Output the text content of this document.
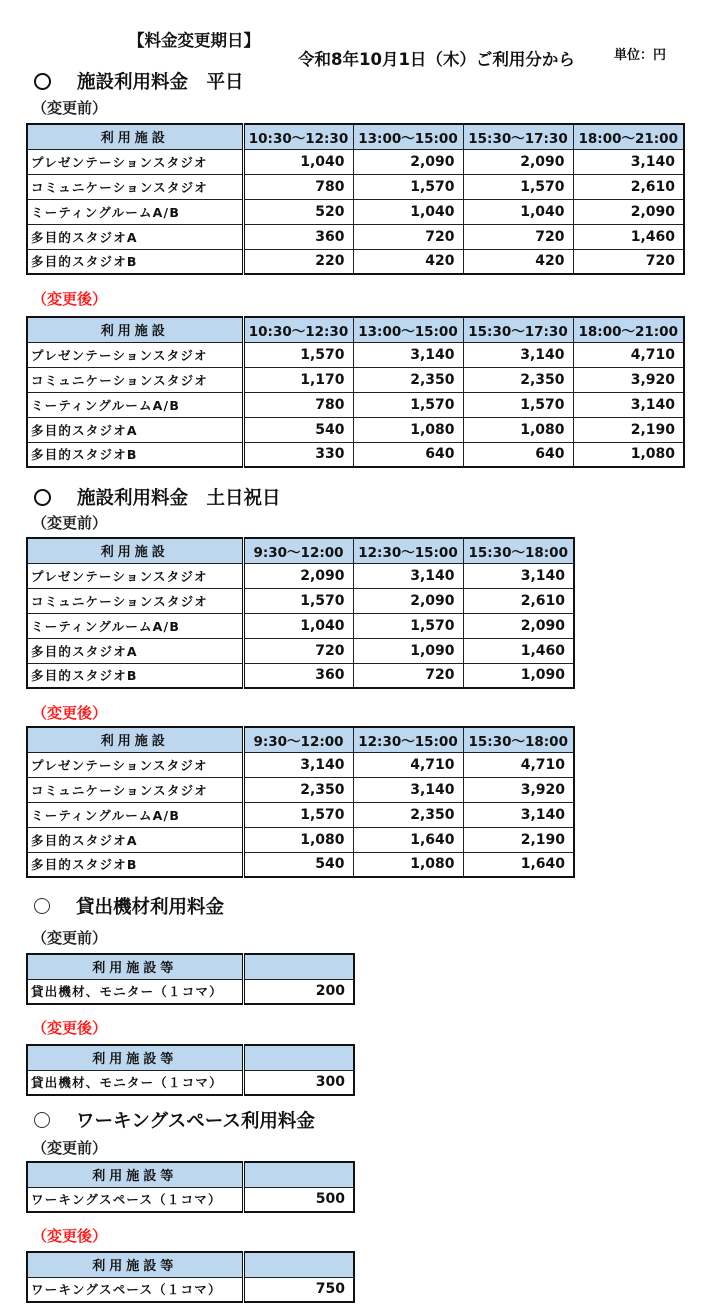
【料金変更期日】

令和8年10月1日（木）ご利用分から	単位：円
施設利用料金　平日
（変更前）
利用施設	10:30～12:30	13:00～15:00	15:30～17:30	18:00～21:00
プレゼンテーションスタジオ	1,040	2,090	2,090	3,140
コミュニケーションスタジオ	780	1,570	1,570	2,610
ミーティングルームA/B	520	1,040	1,040	2,090
多目的スタジオA	360	720	720	1,460
多目的スタジオB	220	420	420	720
（変更後）
利用施設	10:30～12:30	13:00～15:00	15:30～17:30	18:00～21:00
プレゼンテーションスタジオ	1,570	3,140	3,140	4,710
コミュニケーションスタジオ	1,170	2,350	2,350	3,920
ミーティングルームA/B	780	1,570	1,570	3,140
多目的スタジオA	540	1,080	1,080	2,190
多目的スタジオB	330	640	640	1,080
施設利用料金　土日祝日
（変更前）
利用施設	9:30～12:00	12:30～15:00	15:30～18:00
プレゼンテーションスタジオ	2,090	3,140	3,140
コミュニケーションスタジオ	1,570	2,090	2,610
ミーティングルームA/B	1,040	1,570	2,090
多目的スタジオA	720	1,090	1,460
多目的スタジオB	360	720	1,090
（変更後）
利用施設	9:30～12:00	12:30～15:00	15:30～18:00
プレゼンテーションスタジオ	3,140	4,710	4,710
コミュニケーションスタジオ	2,350	3,140	3,920
ミーティングルームA/B	1,570	2,350	3,140
多目的スタジオA	1,080	1,640	2,190
多目的スタジオB	540	1,080	1,640
貸出機材利用料金
（変更前）
利用施設等	
貸出機材、モニター（１コマ）	200
（変更後）
利用施設等	
貸出機材、モニター（１コマ）	300
ワーキングスペース利用料金
（変更前）
利用施設等	
ワーキングスペース（１コマ）	500
（変更後）
利用施設等	
ワーキングスペース（１コマ）	750
